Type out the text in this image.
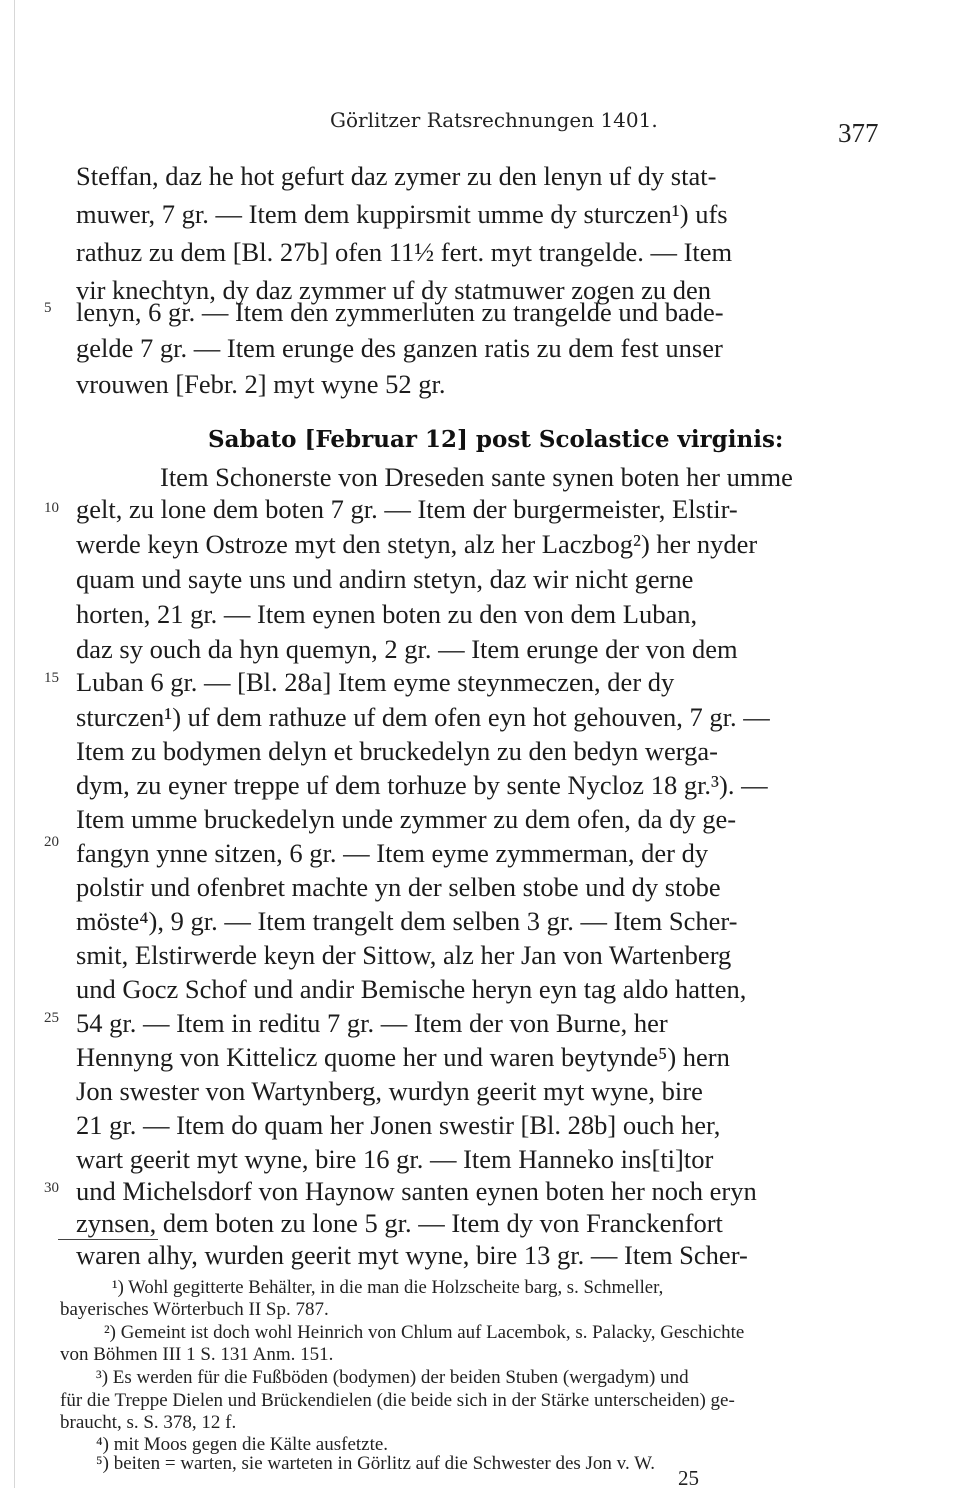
Görlitzer Ratsrechnungen 1401.	377
Steffan, daz he hot gefurt daz zymer zu den lenyn uf dy stat-
muwer, 7 gr. — Item dem kuppirsmit umme dy sturczen¹) ufs
rathuz zu dem [Bl. 27b] ofen 11½ fert. myt trangelde. — Item
vir knechtyn, dy daz zymmer uf dy statmuwer zogen zu den
5 lenyn, 6 gr. — Item den zymmerluten zu trangelde und bade-
gelde 7 gr. — Item erunge des ganzen ratis zu dem fest unser
vrouwen [Febr. 2] myt wyne 52 gr.
Sabato [Februar 12] post Scolastice virginis:
Item Schonerste von Dreseden sante synen boten her umme
10 gelt, zu lone dem boten 7 gr. — Item der burgermeister, Elstir-
werde keyn Ostroze myt den stetyn, alz her Laczbog²) her nyder
quam und sayte uns und andirn stetyn, daz wir nicht gerne
horten, 21 gr. — Item eynen boten zu den von dem Luban,
daz sy ouch da hyn quemyn, 2 gr. — Item erunge der von dem
15 Luban 6 gr. — [Bl. 28a] Item eyme steynmeczen, der dy
sturczen¹) uf dem rathuze uf dem ofen eyn hot gehouven, 7 gr. —
Item zu bodymen delyn et bruckedelyn zu den bedyn werga-
dym, zu eyner treppe uf dem torhuze by sente Nycloz 18 gr.³). —
Item umme bruckedelyn unde zymmer zu dem ofen, da dy ge-
20 fangyn ynne sitzen, 6 gr. — Item eyme zymmerman, der dy
polstir und ofenbret machte yn der selben stobe und dy stobe
möste⁴), 9 gr. — Item trangelt dem selben 3 gr. — Item Scher-
smit, Elstirwerde keyn der Sittow, alz her Jan von Wartenberg
und Gocz Schof und andir Bemische heryn eyn tag aldo hatten,
25 54 gr. — Item in reditu 7 gr. — Item der von Burne, her
Hennyng von Kittelicz quome her und waren beytynde⁵) hern
Jon swester von Wartynberg, wurdyn geerit myt wyne, bire
21 gr. — Item do quam her Jonen swestir [Bl. 28b] ouch her,
wart geerit myt wyne, bire 16 gr. — Item Hanneko ins[ti]tor
30 und Michelsdorf von Haynow santen eynen boten her noch eryn
zynsen, dem boten zu lone 5 gr. — Item dy von Franckenfort
waren alhy, wurden geerit myt wyne, bire 13 gr. — Item Scher-
¹) Wohl gegitterte Behälter, in die man die Holzscheite barg, s. Schmeller,
bayerisches Wörterbuch II Sp. 787.
²) Gemeint ist doch wohl Heinrich von Chlum auf Lacembok, s. Palacky, Geschichte
von Böhmen III 1 S. 131 Anm. 151.
³) Es werden für die Fußböden (bodymen) der beiden Stuben (wergadym) und
für die Treppe Dielen und Brückendielen (die beide sich in der Stärke unterscheiden) ge-
braucht, s. S. 378, 12 f.
⁴) mit Moos gegen die Kälte ausfetzte.
⁵) beiten = warten, sie warteten in Görlitz auf die Schwester des Jon v. W.
25
